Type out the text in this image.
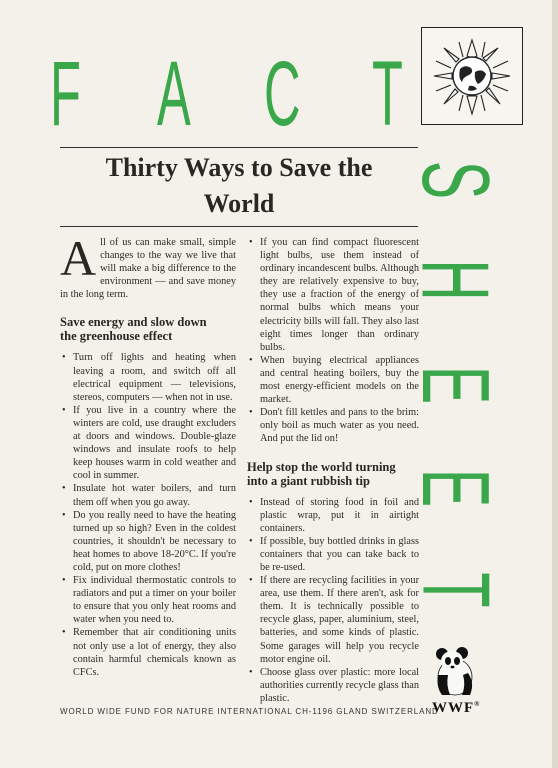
F A C T
Thirty Ways to Save the
World
S
H
E
E
T

All of us can make small, simple changes to the way we live that will make a big difference to the environment — and save money in the long term.

Save energy and slow down
the greenhouse effect
• Turn off lights and heating when leaving a room, and switch off all electrical equipment — televisions, stereos, computers — when not in use.
• If you live in a country where the winters are cold, use draught excluders at doors and windows. Double-glaze windows and insulate roofs to help keep houses warm in cold weather and cool in summer.
• Insulate hot water boilers, and turn them off when you go away.
• Do you really need to have the heating turned up so high? Even in the coldest countries, it shouldn't be necessary to heat homes to above 18-20°C. If you're cold, put on more clothes!
• Fix individual thermostatic controls to radiators and put a timer on your boiler to ensure that you only heat rooms and water when you need to.
• Remember that air conditioning units not only use a lot of energy, they also contain harmful chemicals known as CFCs.
• If you can find compact fluorescent light bulbs, use them instead of ordinary incandescent bulbs. Although they are relatively expensive to buy, they use a fraction of the energy of normal bulbs which means your electricity bills will fall. They also last eight times longer than ordinary bulbs.
• When buying electrical appliances and central heating boilers, buy the most energy-efficient models on the market.
• Don't fill kettles and pans to the brim: only boil as much water as you need. And put the lid on!
Help stop the world turning
into a giant rubbish tip
• Instead of storing food in foil and plastic wrap, put it in airtight containers.
• If possible, buy bottled drinks in glass containers that you can take back to be re-used.
• If there are recycling facilities in your area, use them. If there aren't, ask for them. It is technically possible to recycle glass, paper, aluminium, steel, batteries, and some kinds of plastic. Some garages will help you recycle motor engine oil.
• Choose glass over plastic: more local authorities currently recycle glass than plastic.
WORLD WIDE FUND FOR NATURE INTERNATIONAL CH-1196 GLAND SWITZERLAND
WWF®
